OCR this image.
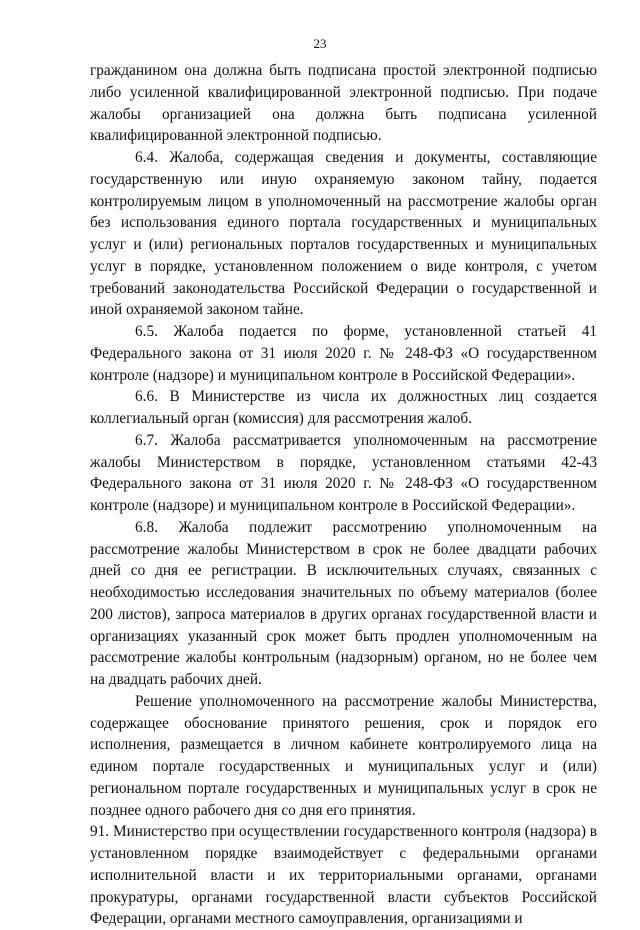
23

гражданином она должна быть подписана простой электронной подписью либо усиленной квалифицированной электронной подписью. При подаче жалобы организацией она должна быть подписана усиленной квалифицированной электронной подписью.

6.4. Жалоба, содержащая сведения и документы, составляющие государственную или иную охраняемую законом тайну, подается контролируемым лицом в уполномоченный на рассмотрение жалобы орган без использования единого портала государственных и муниципальных услуг и (или) региональных порталов государственных и муниципальных услуг в порядке, установленном положением о виде контроля, с учетом требований законодательства Российской Федерации о государственной и иной охраняемой законом тайне.

6.5. Жалоба подается по форме, установленной статьей 41 Федерального закона от 31 июля 2020 г. № 248-ФЗ «О государственном контроле (надзоре) и муниципальном контроле в Российской Федерации».

6.6. В Министерстве из числа их должностных лиц создается коллегиальный орган (комиссия) для рассмотрения жалоб.

6.7. Жалоба рассматривается уполномоченным на рассмотрение жалобы Министерством в порядке, установленном статьями 42-43 Федерального закона от 31 июля 2020 г. № 248-ФЗ «О государственном контроле (надзоре) и муниципальном контроле в Российской Федерации».

6.8. Жалоба подлежит рассмотрению уполномоченным на рассмотрение жалобы Министерством в срок не более двадцати рабочих дней со дня ее регистрации. В исключительных случаях, связанных с необходимостью исследования значительных по объему материалов (более 200 листов), запроса материалов в других органах государственной власти и организациях указанный срок может быть продлен уполномоченным на рассмотрение жалобы контрольным (надзорным) органом, но не более чем на двадцать рабочих дней.

Решение уполномоченного на рассмотрение жалобы Министерства, содержащее обоснование принятого решения, срок и порядок его исполнения, размещается в личном кабинете контролируемого лица на едином портале государственных и муниципальных услуг и (или) региональном портале государственных и муниципальных услуг в срок не позднее одного рабочего дня со дня его принятия.

91. Министерство при осуществлении государственного контроля (надзора) в установленном порядке взаимодействует с федеральными органами исполнительной власти и их территориальными органами, органами прокуратуры, органами государственной власти субъектов Российской Федерации, органами местного самоуправления, организациями и
